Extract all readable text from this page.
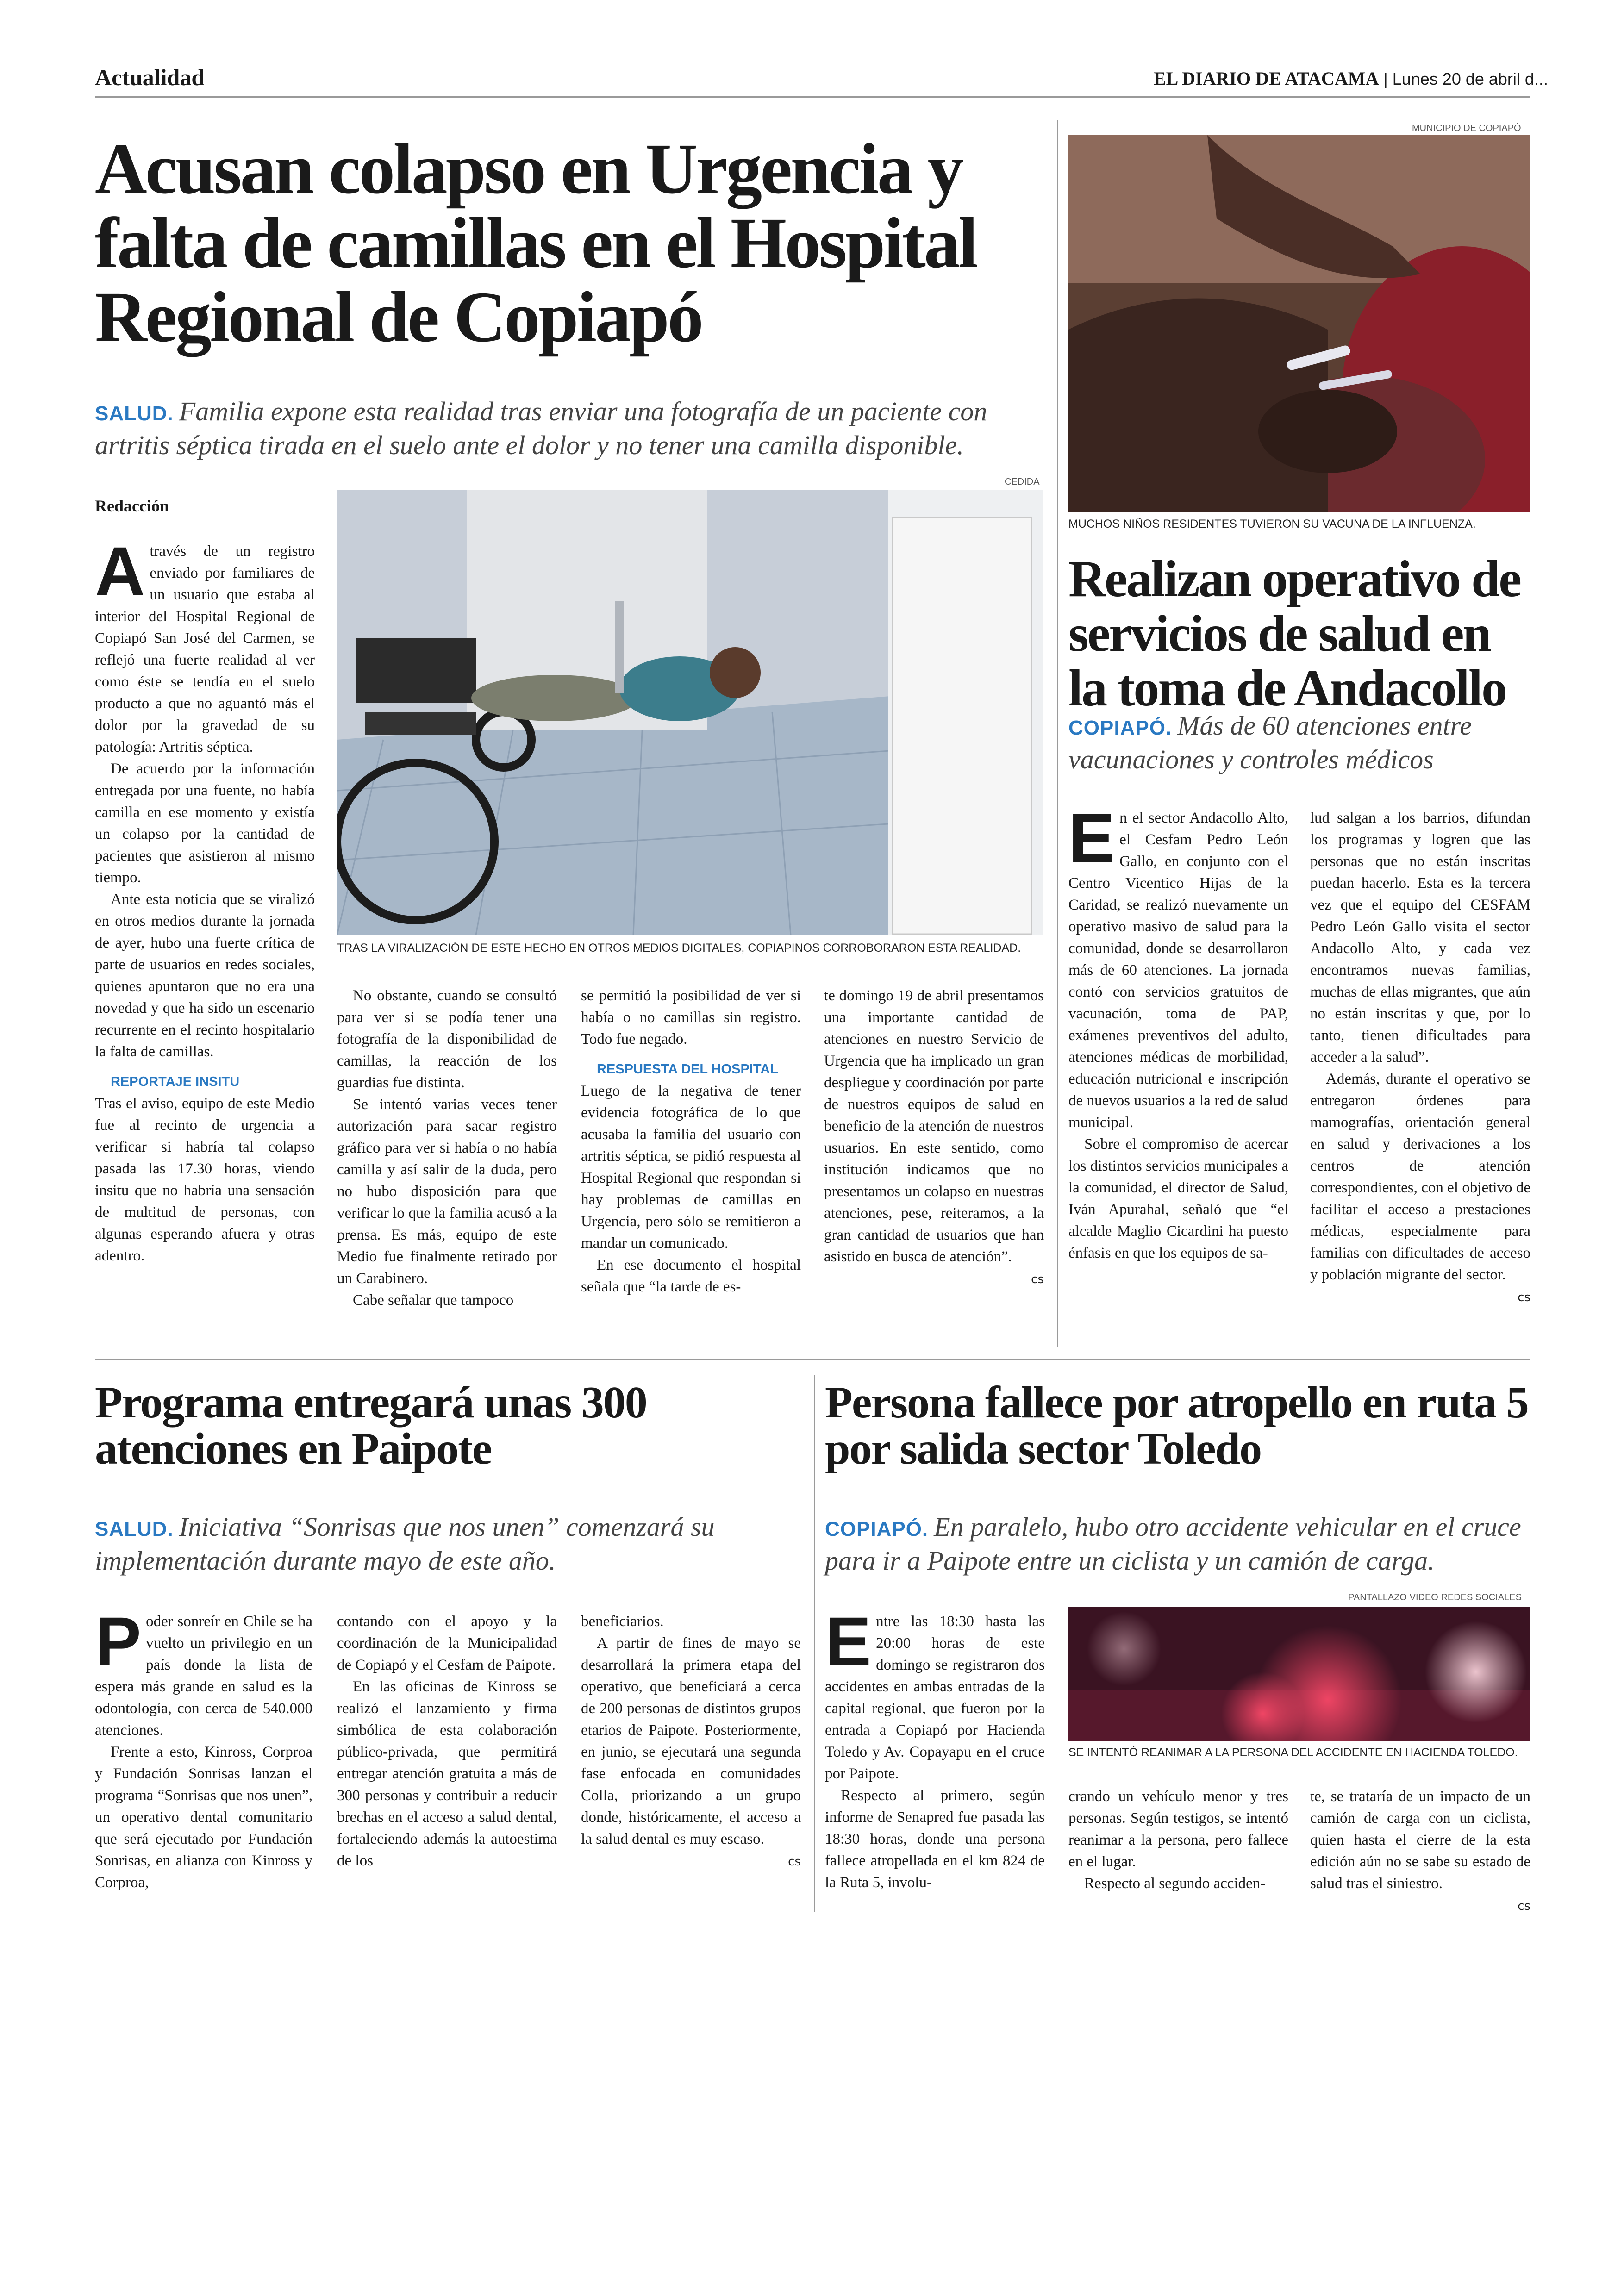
Actualidad	EL DIARIO DE ATACAMA | Lunes 20 de abril d...
Acusan colapso en Urgencia y falta de camillas en el Hospital Regional de Copiapó
SALUD. Familia expone esta realidad tras enviar una fotografía de un paciente con artritis séptica tirada en el suelo ante el dolor y no tener una camilla disponible.
CEDIDA
Redacción
TRAS LA VIRALIZACIÓN DE ESTE HECHO EN OTROS MEDIOS DIGITALES, COPIAPINOS CORROBORARON ESTA REALIDAD.
A través de un registro enviado por familiares de un usuario que estaba al interior del Hospital Regional de Copiapó San José del Carmen, se reflejó una fuerte realidad al ver como éste se tendía en el suelo producto a que no aguantó más el dolor por la gravedad de su patología: Artritis séptica.

De acuerdo por la información entregada por una fuente, no había camilla en ese momento y existía un colapso por la cantidad de pacientes que asistieron al mismo tiempo.

Ante esta noticia que se viralizó en otros medios durante la jornada de ayer, hubo una fuerte crítica de parte de usuarios en redes sociales, quienes apuntaron que no era una novedad y que ha sido un escenario recurrente en el recinto hospitalario la falta de camillas.

REPORTAJE INSITU

Tras el aviso, equipo de este Medio fue al recinto de urgencia a verificar si habría tal colapso pasada las 17.30 horas, viendo insitu que no habría una sensación de multitud de personas, con algunas esperando afuera y otras adentro.

No obstante, cuando se consultó para ver si se podía tener una fotografía de la disponibilidad de camillas, la reacción de los guardias fue distinta.

Se intentó varias veces tener autorización para sacar registro gráfico para ver si había o no había camilla y así salir de la duda, pero no hubo disposición para que verificar lo que la familia acusó a la prensa. Es más, equipo de este Medio fue finalmente retirado por un Carabinero.

Cabe señalar que tampoco

se permitió la posibilidad de ver si había o no camillas sin registro. Todo fue negado.

RESPUESTA DEL HOSPITAL

Luego de la negativa de tener evidencia fotográfica de lo que acusaba la familia del usuario con artritis séptica, se pidió respuesta al Hospital Regional que respondan si hay problemas de camillas en Urgencia, pero sólo se remitieron a mandar un comunicado.

En ese documento el hospital señala que “la tarde de es-

te domingo 19 de abril presentamos una importante cantidad de atenciones en nuestro Servicio de Urgencia que ha implicado un gran despliegue y coordinación por parte de nuestros equipos de salud en beneficio de la atención de nuestros usuarios. En este sentido, como institución indicamos que no presentamos un colapso en nuestras atenciones, pese, reiteramos, a la gran cantidad de usuarios que han asistido en busca de atención”.

cs
MUNICIPIO DE COPIAPÓ
MUCHOS NIÑOS RESIDENTES TUVIERON SU VACUNA DE LA INFLUENZA.
Realizan operativo de servicios de salud en la toma de Andacollo
COPIAPÓ. Más de 60 atenciones entre vacunaciones y controles médicos
E n el sector Andacollo Alto, el Cesfam Pedro León Gallo, en conjunto con el Centro Vicentico Hijas de la Caridad, se realizó nuevamente un operativo masivo de salud para la comunidad, donde se desarrollaron más de 60 atenciones. La jornada contó con servicios gratuitos de vacunación, toma de PAP, exámenes preventivos del adulto, atenciones médicas de morbilidad, educación nutricional e inscripción de nuevos usuarios a la red de salud municipal.

Sobre el compromiso de acercar los distintos servicios municipales a la comunidad, el director de Salud, Iván Apurahal, señaló que “el alcalde Maglio Cicardini ha puesto énfasis en que los equipos de sa-

lud salgan a los barrios, difundan los programas y logren que las personas que no están inscritas puedan hacerlo. Esta es la tercera vez que el equipo del CESFAM Pedro León Gallo visita el sector Andacollo Alto, y cada vez encontramos nuevas familias, muchas de ellas migrantes, que aún no están inscritas y que, por lo tanto, tienen dificultades para acceder a la salud”.

Además, durante el operativo se entregaron órdenes para mamografías, orientación general en salud y derivaciones a los centros de atención correspondientes, con el objetivo de facilitar el acceso a prestaciones médicas, especialmente para familias con dificultades de acceso y población migrante del sector.

cs
Programa entregará unas 300 atenciones en Paipote
SALUD. Iniciativa “Sonrisas que nos unen” comenzará su implementación durante mayo de este año.
P oder sonreír en Chile se ha vuelto un privilegio en un país donde la lista de espera más grande en salud es la odontología, con cerca de 540.000 atenciones.

Frente a esto, Kinross, Corproa y Fundación Sonrisas lanzan el programa “Sonrisas que nos unen”, un operativo dental comunitario que será ejecutado por Fundación Sonrisas, en alianza con Kinross y Corproa,

contando con el apoyo y la coordinación de la Municipalidad de Copiapó y el Cesfam de Paipote.

En las oficinas de Kinross se realizó el lanzamiento y firma simbólica de esta colaboración público-privada, que permitirá entregar atención gratuita a más de 300 personas y contribuir a reducir brechas en el acceso a salud dental, fortaleciendo además la autoestima de los

beneficiarios.

A partir de fines de mayo se desarrollará la primera etapa del operativo, que beneficiará a cerca de 200 personas de distintos grupos etarios de Paipote. Posteriormente, en junio, se ejecutará una segunda fase enfocada en comunidades Colla, priorizando a un grupo donde, históricamente, el acceso a la salud dental es muy escaso.

cs
Persona fallece por atropello en ruta 5 por salida sector Toledo
COPIAPÓ. En paralelo, hubo otro accidente vehicular en el cruce para ir a Paipote entre un ciclista y un camión de carga.
PANTALLAZO VIDEO REDES SOCIALES
E ntre las 18:30 hasta las 20:00 horas de este domingo se registraron dos accidentes en ambas entradas de la capital regional, que fueron por la entrada a Copiapó por Hacienda Toledo y Av. Copayapu en el cruce por Paipote.

Respecto al primero, según informe de Senapred fue pasada las 18:30 horas, donde una persona fallece atropellada en el km 824 de la Ruta 5, involu-

SE INTENTÓ REANIMAR A LA PERSONA DEL ACCIDENTE EN HACIENDA TOLEDO.

crando un vehículo menor y tres personas. Según testigos, se intentó reanimar a la persona, pero fallece en el lugar.

Respecto al segundo acciden-

te, se trataría de un impacto de un camión de carga con un ciclista, quien hasta el cierre de la esta edición aún no se sabe su estado de salud tras el siniestro.

cs
